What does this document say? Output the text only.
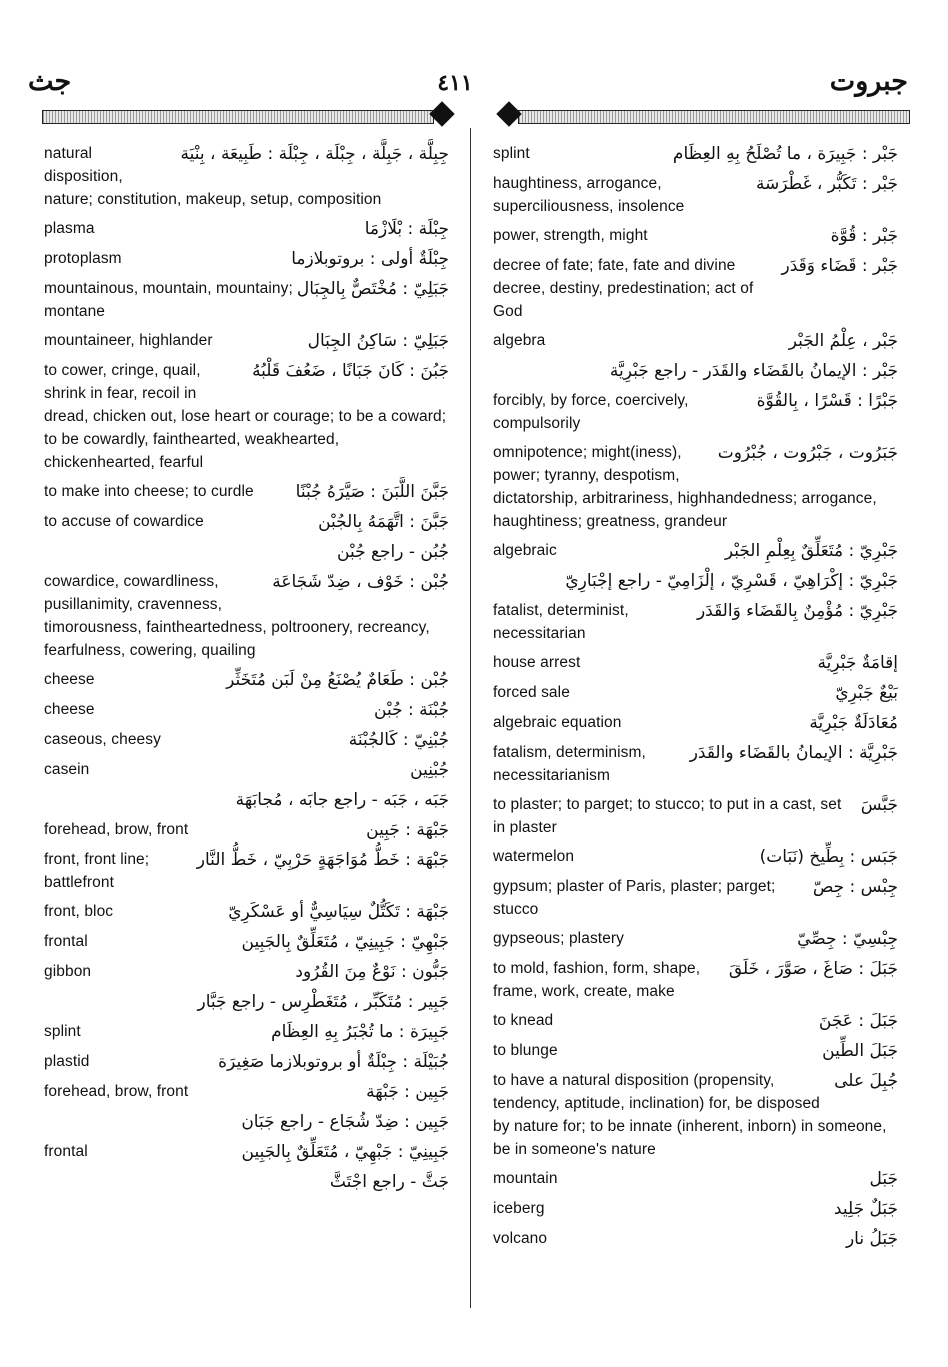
جث	٤١١	جبروت
جِبِلَّة ، جَبِلَّة ، جِبْلَة ، جِبْلَة : طَبِيعَة ، بِنْيَة
natural disposition, nature; constitution, makeup, setup, composition
جِبْلَة : بْلَازْمَا
plasma
جِبْلَةٌ أولى : بروتوبلازما
protoplasm
جَبَلِيّ : مُخْتَصٌّ بِالجِبَال
mountainous, mountain, mountainy; montane
جَبَلِيّ : سَاكِنُ الجِبَال
mountaineer, highlander
جَبُنَ : كَانَ جَبَانًا ، ضَعُفَ قَلْبُهُ
to cower, cringe, quail, shrink in fear, recoil in dread, chicken out, lose heart or courage; to be a coward; to be cowardly, fainthearted, weakhearted, chickenhearted, fearful
جَبَّنَ اللَّبَنَ : صَيَّرَهُ جُبْنًا
to make into cheese; to curdle
جَبَّنَ : اتَّهَمَهُ بِالجُبْن
to accuse of cowardice
جُبُن - راجع جُبْن
جُبْن : خَوْف ، ضِدّ شَجَاعَة
cowardice, cowardliness, pusillanimity, cravenness, timorousness, faintheartedness, poltroonery, recreancy, fearfulness, cowering, quailing
جُبْن : طَعَامٌ يُصْنَعُ مِنْ لَبَن مُتَخَثِّر
cheese
جُبْنَة : جُبْن
cheese
جُبْنِيّ : كَالجُبْنَة
caseous, cheesy
جُبْنِين
casein
جَبَه ، جَبَه - راجع جابَه ، مُجابَهَة
جَبْهَة : جَبِين
forehead, brow, front
جَبْهَة : خَطُّ مُوَاجَهَةٍ حَرْبِيّ ، خَطُّ النَّار
front, front line; battlefront
جَبْهَة : تَكَتُّلٌ سِيَاسِيٌّ أو عَسْكَرِيّ
front, bloc
جَبْهِيّ : جَبِينِيّ ، مُتَعَلِّقٌ بِالجَبِين
frontal
جَبُّون : نَوْعٌ مِنَ القُرُود
gibbon
جَبِير : مُتَكَبِّر ، مُتَغَطْرِس - راجع جَبَّار
جَبِيرَة : ما تُجْبَرُ بِهِ العِظَام
splint
جُبَيْلَة : جِبْلَةٌ أو بروتوبلازما صَغِيرَة
plastid
جَبِين : جَبْهَة
forehead, brow, front
جَبِين : ضِدّ شُجَاع - راجع جَبَان
جَبِينِيّ : جَبْهِيّ ، مُتَعَلِّقٌ بِالجَبِين
frontal
جَثَّ - راجع اجْتَثَّ
جَبْر : جَبِيرَة ، ما تُصْلَحُ بِهِ العِظَام
splint
جَبْر : تَكَبُّر ، غَطْرَسَة
haughtiness, arrogance, superciliousness, insolence
جَبْر : قُوَّة
power, strength, might
جَبْر : قَضَاء وَقَدَر
decree of fate; fate, fate and divine decree, destiny, predestination; act of God
جَبْر ، عِلْمُ الجَبْر
algebra
جَبْر : الإيمانُ بالقَضَاء والقَدَر - راجع جَبْرِيَّة
جَبْرًا : قَسْرًا ، بِالقُوَّة
forcibly, by force, coercively, compulsorily
جَبَرُوت ، جَبْرُوت ، جُبْرُوت
omnipotence; might(iness), power; tyranny, despotism, dictatorship, arbitrariness, highhandedness; arrogance, haughtiness; greatness, grandeur
جَبْرِيّ : مُتَعَلِّقٌ بِعِلْمِ الجَبْر
algebraic
جَبْرِيّ : إكْرَاهِيّ ، قَسْرِيّ ، إلْزَامِيّ - راجع إجْبَارِيّ
جَبْرِيّ : مُؤْمِنٌ بِالقَضَاء وَالقَدَر
fatalist, determinist, necessitarian
إقامَةٌ جَبْرِيَّة
house arrest
بَيْعٌ جَبْرِيّ
forced sale
مُعَادَلَةٌ جَبْرِيَّة
algebraic equation
جَبْرِيَّة : الإيمانُ بالقَضَاء والقَدَر
fatalism, determinism, necessitarianism
جَبَّسَ
to plaster; to parget; to stucco; to put in a cast, set in plaster
جَبَس : بِطِّيخ (نَبَات)
watermelon
جِبْس : جِصّ
gypsum; plaster of Paris, plaster; parget; stucco
جِبْسِيّ : جِصِّيّ
gypseous; plastery
جَبَلَ : صَاغَ ، صَوَّرَ ، خَلَقَ
to mold, fashion, form, shape, frame, work, create, make
جَبَلَ : عَجَنَ
to knead
جَبَلَ الطِّين
to blunge
جُبِلَ على
to have a natural disposition (propensity, tendency, aptitude, inclination) for, be disposed by nature for; to be innate (inherent, inborn) in someone, be in someone's nature
جَبَل
mountain
جَبَلٌ جَلِيد
iceberg
جَبَلُ نار
volcano
